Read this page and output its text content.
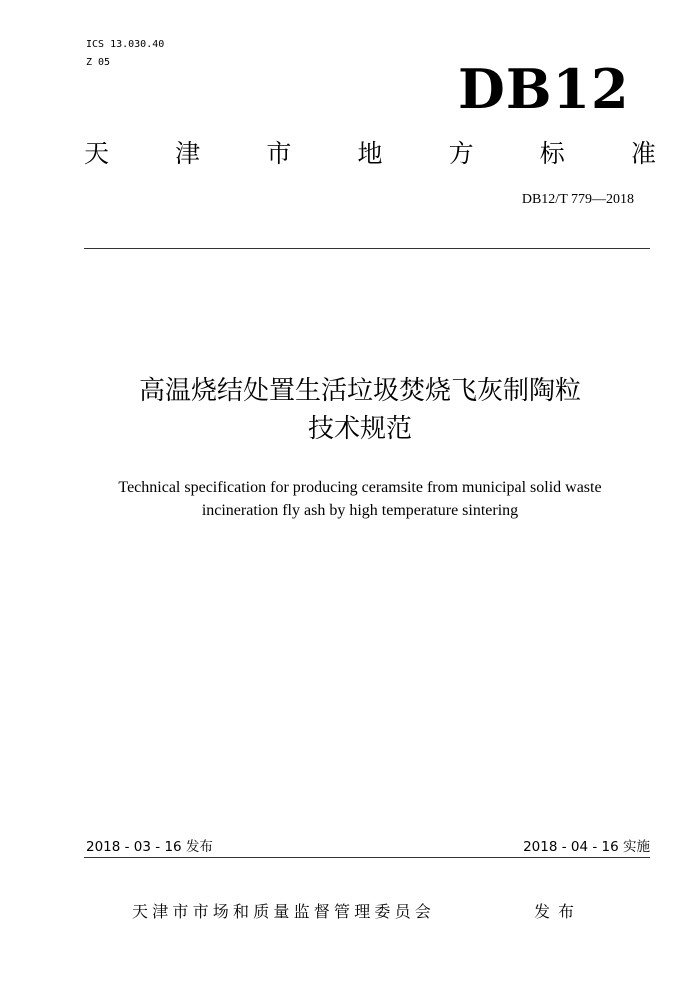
ICS 13.030.40
Z 05	DB12
天	津	市	地	方	标	准
DB12/T 779—2018
高温烧结处置生活垃圾焚烧飞灰制陶粒
技术规范
Technical specification for producing ceramsite from municipal solid waste
incineration fly ash by high temperature sintering
2018 - 03 - 16 发布	2018 - 04 - 16 实施
天津市市场和质量监督管理委员会	发布
